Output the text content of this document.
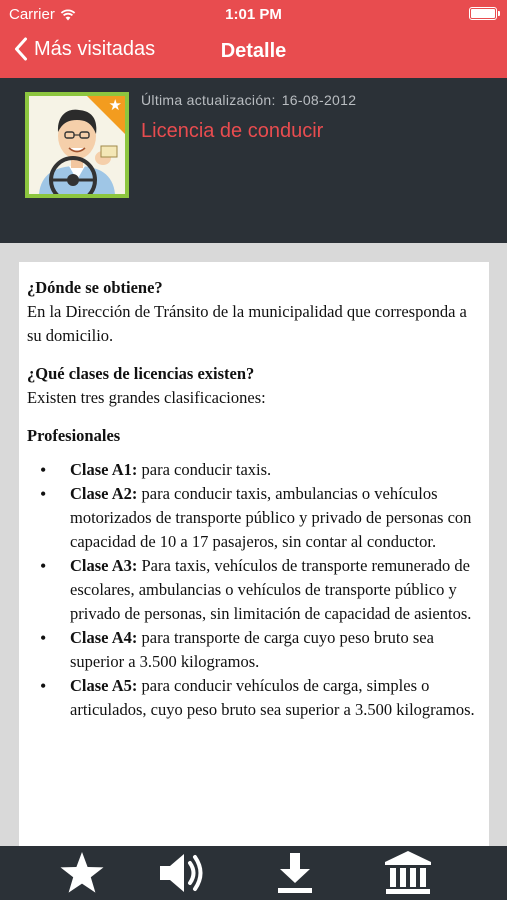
Carrier	1:01 PM
Más visitadas	Detalle
★ Última actualización: 16-08-2012
Licencia de conducir

¿Dónde se obtiene?
En la Dirección de Tránsito de la municipalidad que corresponda a su domicilio.

¿Qué clases de licencias existen?
Existen tres grandes clasificaciones:

Profesionales

• Clase A1: para conducir taxis.
• Clase A2: para conducir taxis, ambulancias o vehículos motorizados de transporte público y privado de personas con capacidad de 10 a 17 pasajeros, sin contar al conductor.
• Clase A3: Para taxis, vehículos de transporte remunerado de escolares, ambulancias o vehículos de transporte público y privado de personas, sin limitación de capacidad de asientos.
• Clase A4: para transporte de carga cuyo peso bruto sea superior a 3.500 kilogramos.
• Clase A5: para conducir vehículos de carga, simples o articulados, cuyo peso bruto sea superior a 3.500 kilogramos.
